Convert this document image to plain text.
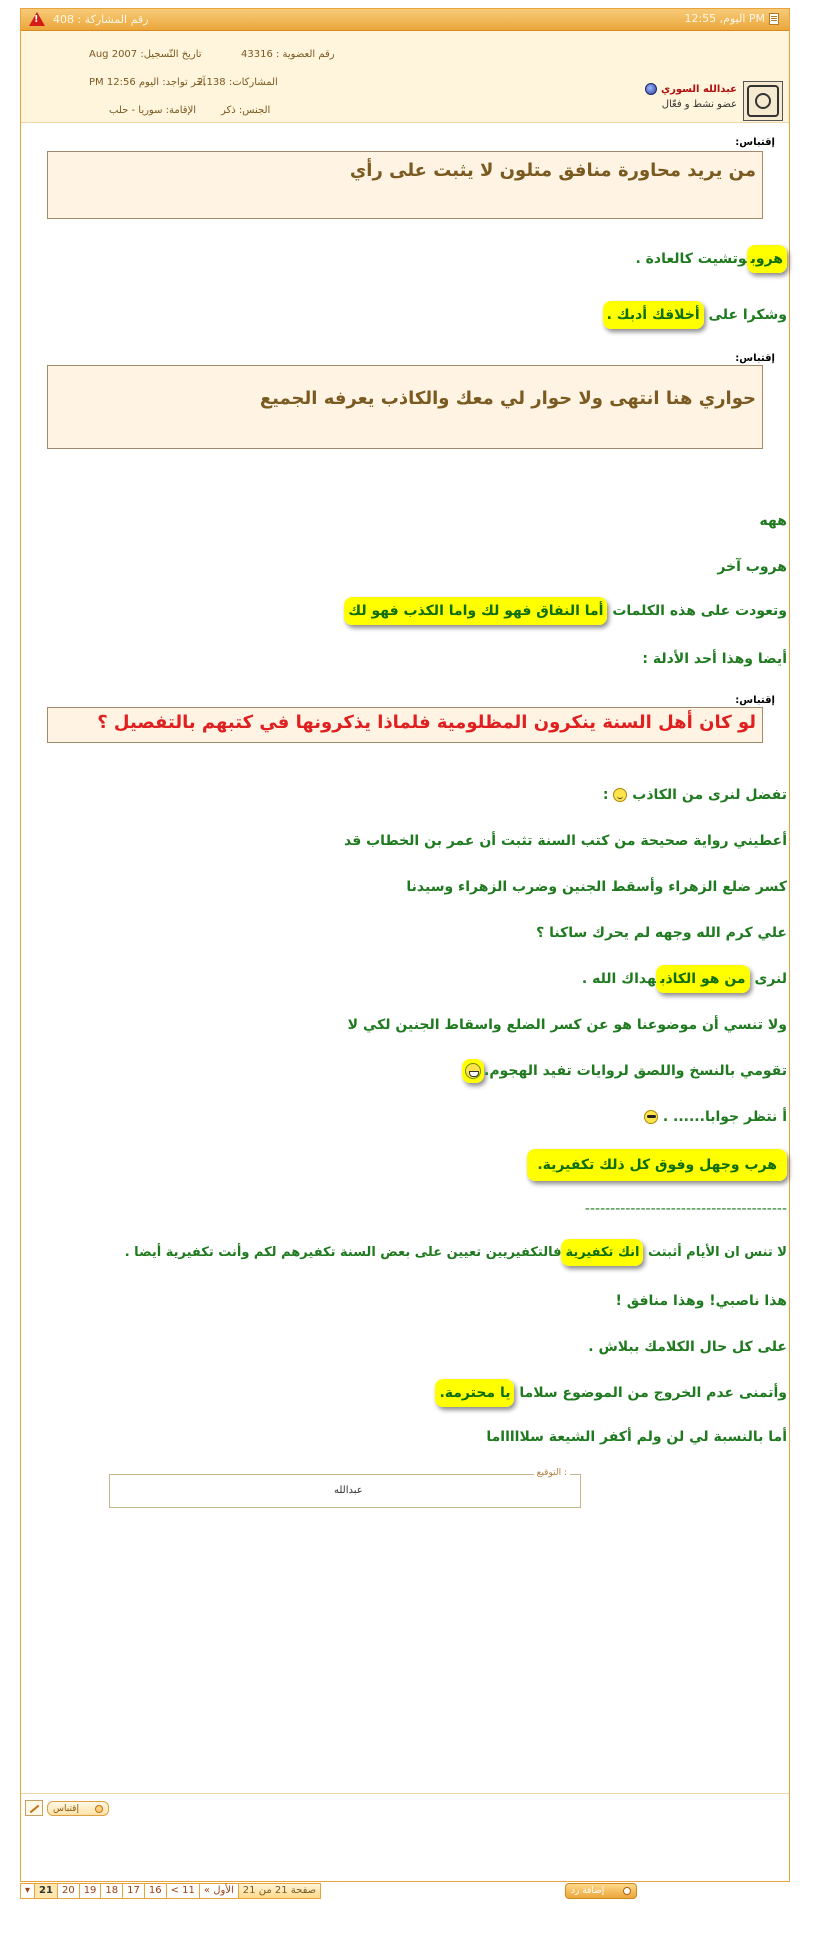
!
رقم المشاركة : 408	اليوم, 12:55 PM
عبدالله السوري
عضو نشط و فعّال
رقم العضوية : 43316
تاريخ التّسجيل: Aug 2007
المشاركات: 2,138
آخر تواجد: اليوم 12:56 PM
الجنس: ذكر
الإقامة: سوريا - حلب
إقتباس:
من يريد محاورة منافق متلون لا يثبت على رأي
هروبوتشيت كالعادة .
وشكرا على أخلاقك أدبك .
إقتباس:
حواري هنا انتهى ولا حوار لي معك والكاذب يعرفه الجميع
ههه
هروب آخر
وتعودت على هذه الكلمات أما النفاق فهو لك واما الكذب فهو لك
أيضا وهذا أحد الأدلة :
إقتباس:
لو كان أهل السنة ينكرون المظلومية فلماذا يذكرونها في كتبهم بالتفصيل ؟
تفضل لنرى من الكاذب  :
أعطيني رواية صحيحة من كتب السنة تثبت أن عمر بن الخطاب قد
كسر ضلع الزهراء وأسقط الجنين وضرب الزهراء وسيدنا
علي كرم الله وجهه لم يحرك ساكنا ؟
لنرى من هو الكاذبهداك الله .
ولا تنسي أن موضوعنا هو عن كسر الضلع واسقاط الجنين لكي لا
تقومي بالنسخ واللصق لروايات تفيد الهجوم.
أ نتظر جوابا...... .
هرب وجهل وفوق كل ذلك تكفيرية.
----------------------------------------
لا تنس ان الأيام أثبتت انك تكفيريةفالتكفيريين تعيين على بعض السنة تكفيرهم لكم وأنت تكفيرية أيضا .
هذا ناصبي! وهذا منافق !
على كل حال الكلامك ببلاش .
وأتمنى عدم الخروج من الموضوع سلاما يا محترمة.
أما بالنسبة لي لن ولم أكفر الشيعة سلاااااما
التوقيع :
عبدالله
إقتباس
▾ 21 20 19 18 17 16 < 11 « الأول صفحة 21 من 21	إضافة رد
